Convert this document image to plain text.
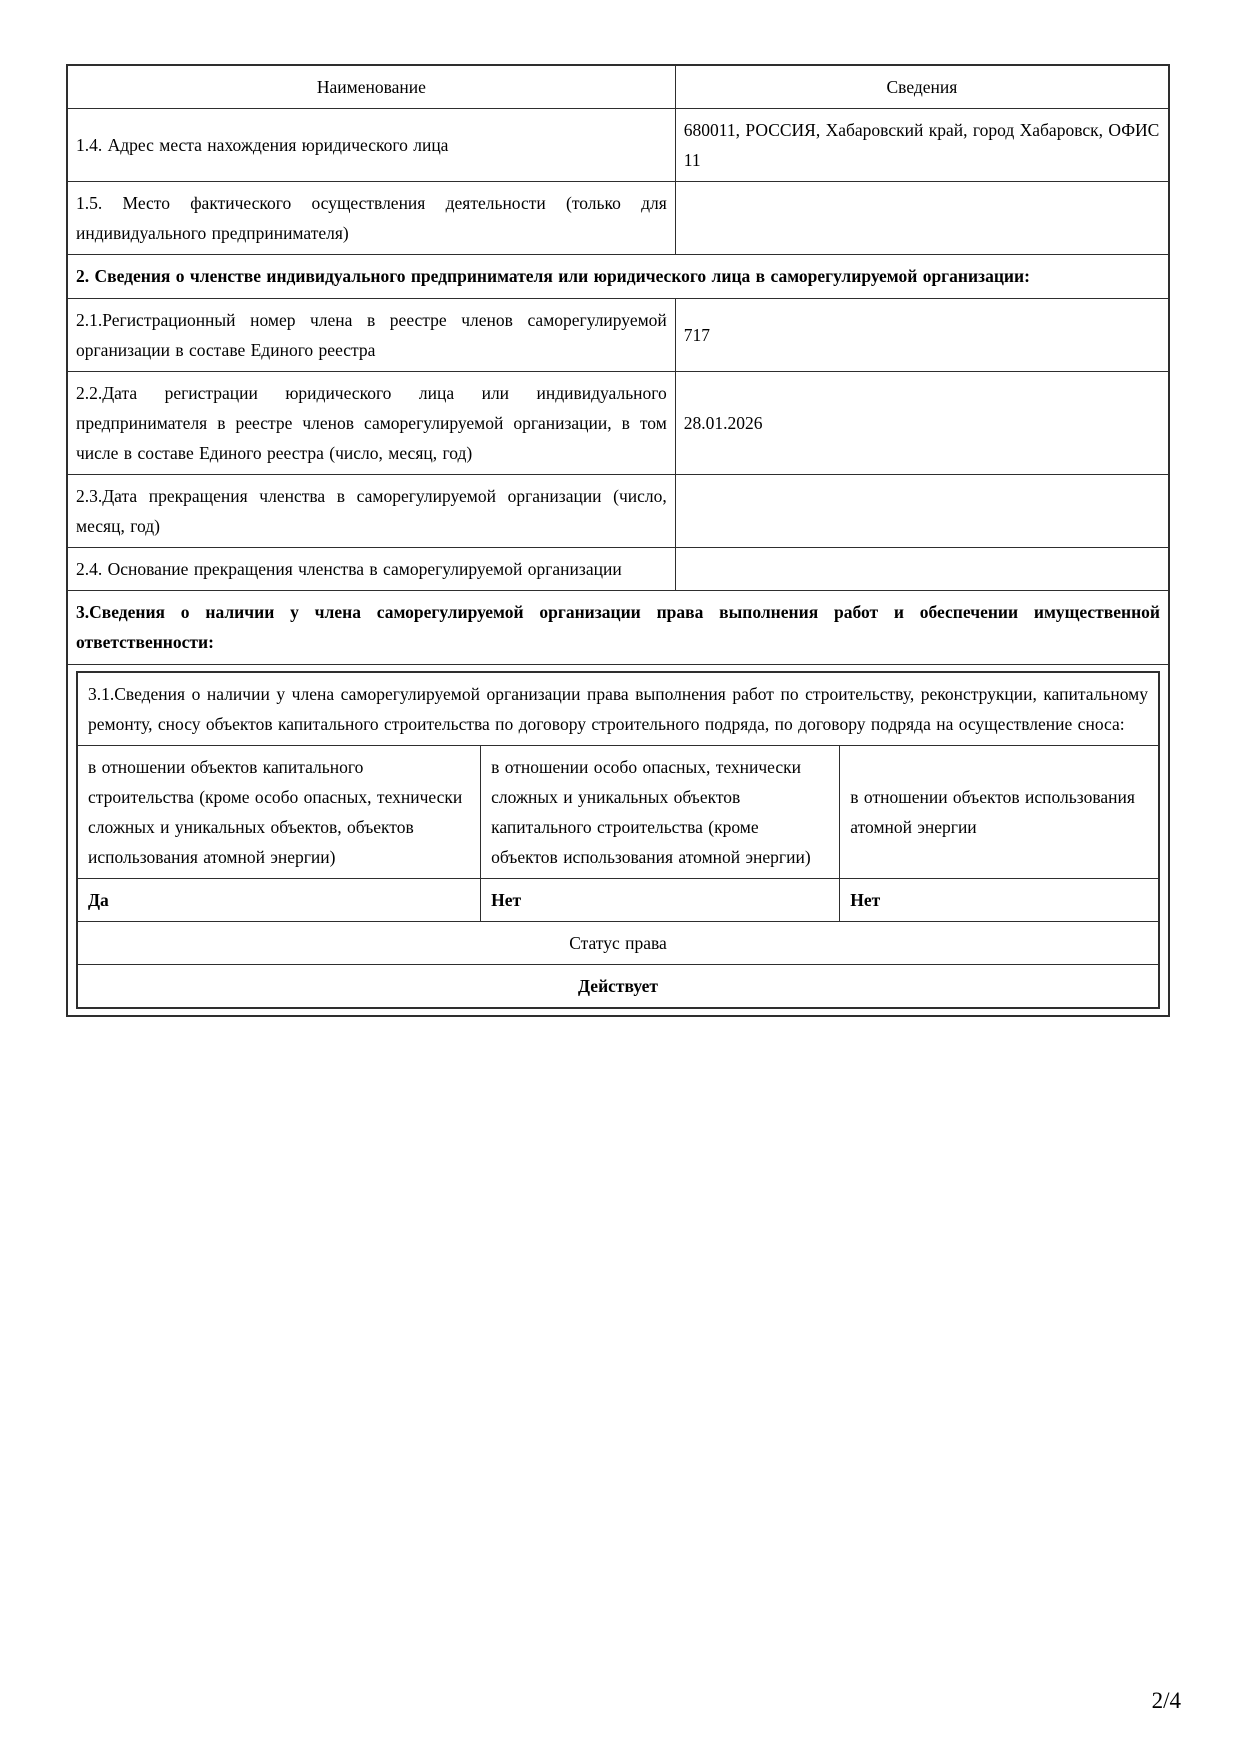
Наименование	Сведения
1.4. Адрес места нахождения юридического лица	680011, РОССИЯ, Хабаровский край, город Хабаровск, ОФИС 11
1.5. Место фактического осуществления деятельности (только для индивидуального предпринимателя)	
2. Сведения о членстве индивидуального предпринимателя или юридического лица в саморегулируемой организации:
2.1.Регистрационный номер члена в реестре членов саморегулируемой организации в составе Единого реестра	717
2.2.Дата регистрации юридического лица или индивидуального предпринимателя в реестре членов саморегулируемой организации, в том числе в составе Единого реестра (число, месяц, год)	28.01.2026
2.3.Дата прекращения членства в саморегулируемой организации (число, месяц, год)	
2.4. Основание прекращения членства в саморегулируемой организации	
3.Сведения о наличии у члена саморегулируемой организации права выполнения работ и обеспечении имущественной ответственности:

3.1.Сведения о наличии у члена саморегулируемой организации права выполнения работ по строительству, реконструкции, капитальному ремонту, сносу объектов капитального строительства по договору строительного подряда, по договору подряда на осуществление сноса:
в отношении объектов капитального строительства (кроме особо опасных, технически сложных и уникальных объектов, объектов использования атомной энергии)	в отношении особо опасных, технически сложных и уникальных объектов капитального строительства (кроме объектов использования атомной энергии)	в отношении объектов использования атомной энергии
Да	Нет	Нет
Статус права
Действует
2/4
